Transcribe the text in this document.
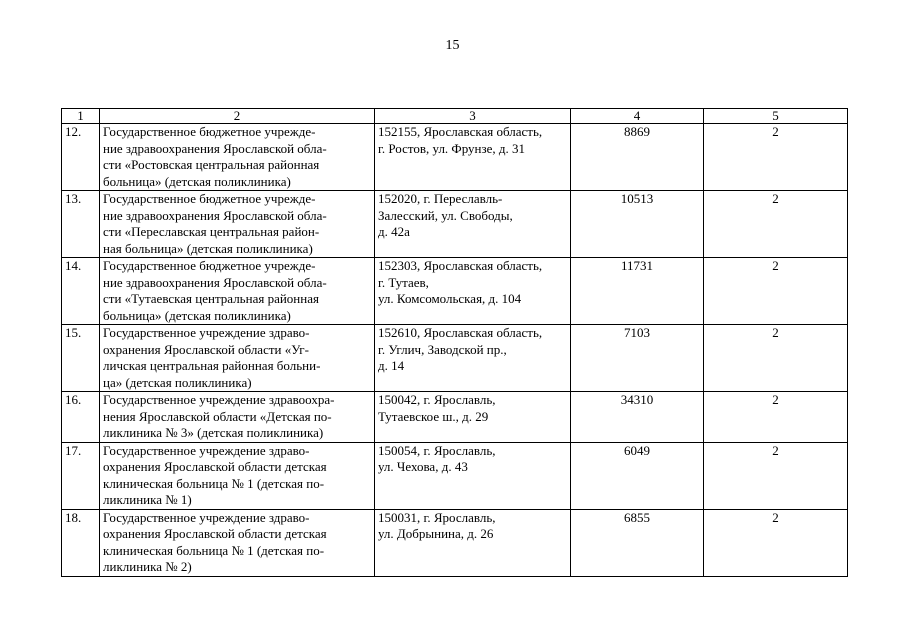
15
1	2	3	4	5
12.	Государственное бюджетное учрежде-
ние здравоохранения Ярославской обла-
сти «Ростовская центральная районная
больница» (детская поликлиника)	152155, Ярославская область,
г. Ростов, ул. Фрунзе, д. 31	8869	2
13.	Государственное бюджетное учрежде-
ние здравоохранения Ярославской обла-
сти «Переславская центральная район-
ная больница» (детская поликлиника)	152020, г. Переславль-
Залесский, ул. Свободы,
д. 42а	10513	2
14.	Государственное бюджетное учрежде-
ние здравоохранения Ярославской обла-
сти «Тутаевская центральная районная
больница» (детская поликлиника)	152303, Ярославская область,
г. Тутаев,
ул. Комсомольская, д. 104	11731	2
15.	Государственное учреждение здраво-
охранения Ярославской области «Уг-
личская центральная районная больни-
ца» (детская поликлиника)	152610, Ярославская область,
г. Углич, Заводской пр.,
д. 14	7103	2
16.	Государственное учреждение здравоохра-
нения Ярославской области «Детская по-
ликлиника № 3» (детская поликлиника)	150042, г. Ярославль,
Тутаевское ш., д. 29	34310	2
17.	Государственное учреждение здраво-
охранения Ярославской области детская
клиническая больница № 1 (детская по-
ликлиника № 1)	150054, г. Ярославль,
ул. Чехова, д. 43	6049	2
18.	Государственное учреждение здраво-
охранения Ярославской области детская
клиническая больница № 1 (детская по-
ликлиника № 2)	150031, г. Ярославль,
ул. Добрынина, д. 26	6855	2
